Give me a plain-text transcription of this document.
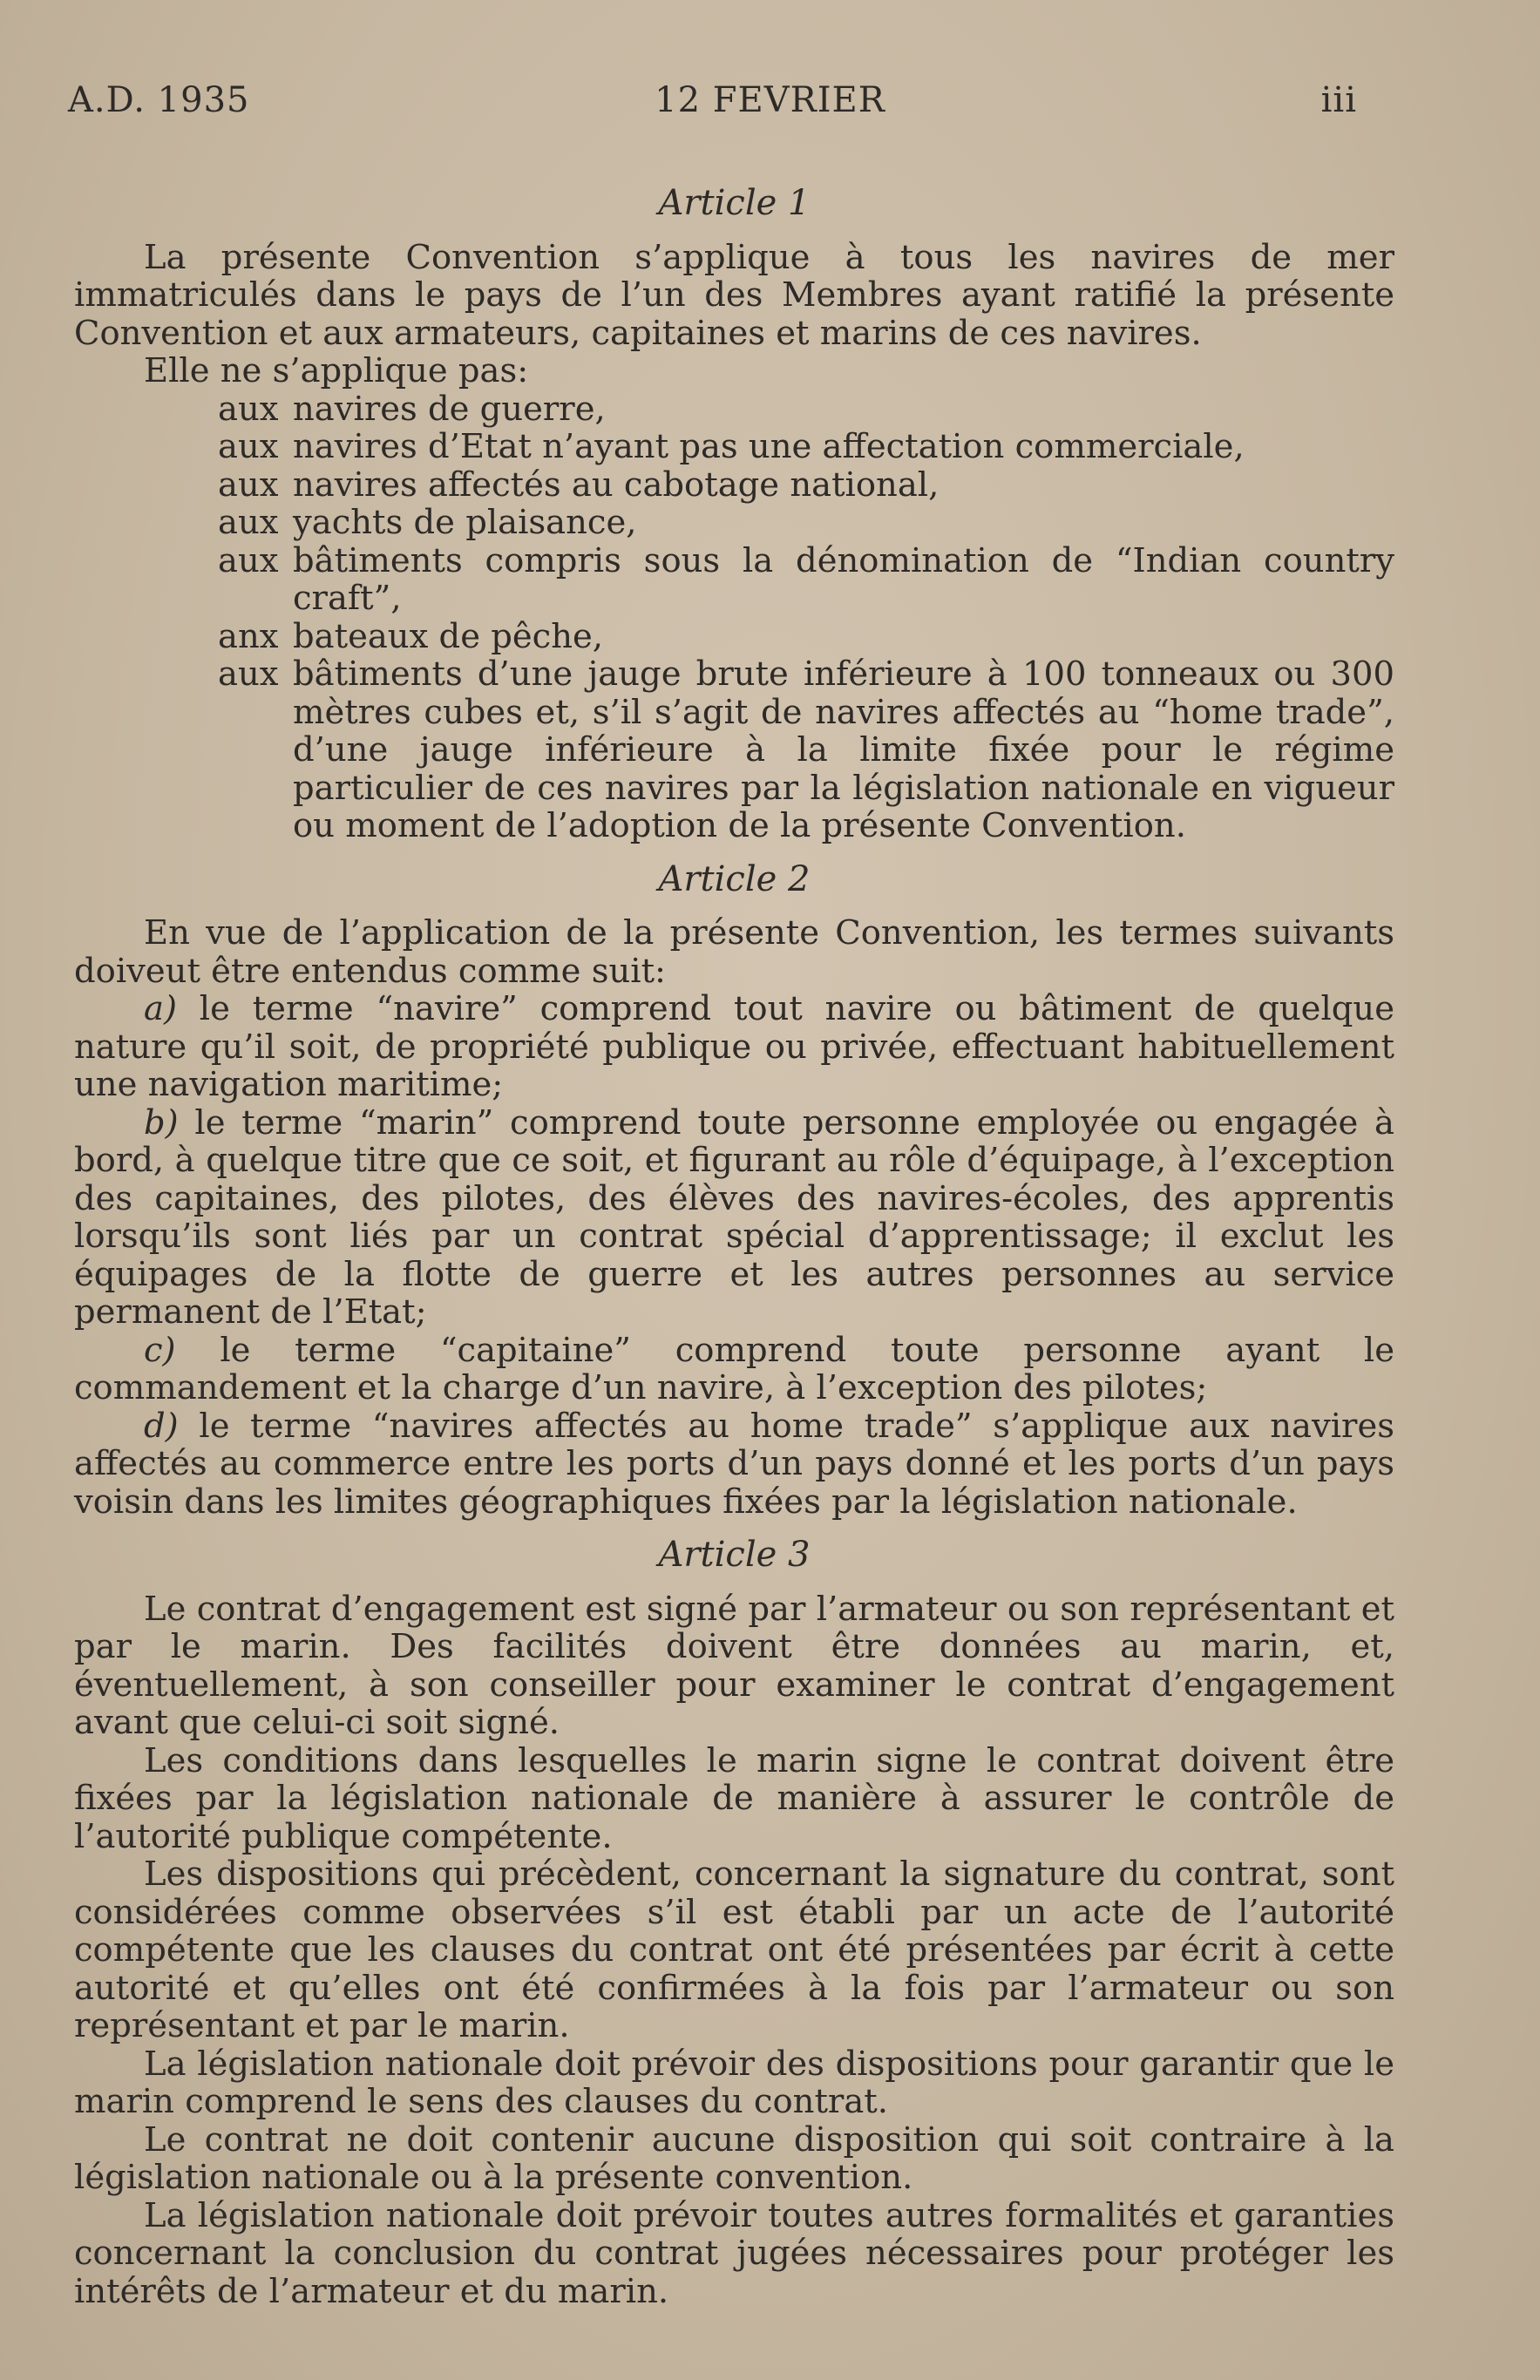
A.D. 1935	12 FEVRIER	iii
Article 1

La présente Convention s’applique à tous les navires de mer immatriculés dans le pays de l’un des Membres ayant ratifié la présente Convention et aux armateurs, capitaines et marins de ces navires.

Elle ne s’applique pas:

aux navires de guerre,
aux navires d’Etat n’ayant pas une affectation commerciale,
aux navires affectés au cabotage national,
aux yachts de plaisance,
aux bâtiments compris sous la dénomination de “Indian country craft”,
anx bateaux de pêche,
aux bâtiments d’une jauge brute inférieure à 100 tonneaux ou 300 mètres cubes et, s’il s’agit de navires affectés au “home trade”, d’une jauge inférieure à la limite fixée pour le régime particulier de ces navires par la législation nationale en vigueur ou moment de l’adoption de la présente Convention.
Article 2

En vue de l’application de la présente Convention, les termes suivants doiveut être entendus comme suit:

a) le terme “navire” comprend tout navire ou bâtiment de quelque nature qu’il soit, de propriété publique ou privée, effectuant habituellement une navigation maritime;

b) le terme “marin” comprend toute personne employée ou engagée à bord, à quelque titre que ce soit, et figurant au rôle d’équipage, à l’exception des capitaines, des pilotes, des élèves des navires-écoles, des apprentis lorsqu’ils sont liés par un contrat spécial d’apprentissage; il exclut les équipages de la flotte de guerre et les autres personnes au service permanent de l’Etat;

c) le terme “capitaine” comprend toute personne ayant le commandement et la charge d’un navire, à l’exception des pilotes;

d) le terme “navires affectés au home trade” s’applique aux navires affectés au commerce entre les ports d’un pays donné et les ports d’un pays voisin dans les limites géographiques fixées par la législation nationale.

Article 3

Le contrat d’engagement est signé par l’armateur ou son représentant et par le marin. Des facilités doivent être données au marin, et, éventuellement, à son conseiller pour examiner le contrat d’engagement avant que celui-ci soit signé.

Les conditions dans lesquelles le marin signe le contrat doivent être fixées par la législation nationale de manière à assurer le contrôle de l’autorité publique compétente.

Les dispositions qui précèdent, concernant la signature du contrat, sont considérées comme observées s’il est établi par un acte de l’autorité compétente que les clauses du contrat ont été présentées par écrit à cette autorité et qu’elles ont été confirmées à la fois par l’armateur ou son représentant et par le marin.

La législation nationale doit prévoir des dispositions pour garantir que le marin comprend le sens des clauses du contrat.

Le contrat ne doit contenir aucune disposition qui soit contraire à la législation nationale ou à la présente convention.

La législation nationale doit prévoir toutes autres formalités et garanties concernant la conclusion du contrat jugées nécessaires pour protéger les intérêts de l’armateur et du marin.
